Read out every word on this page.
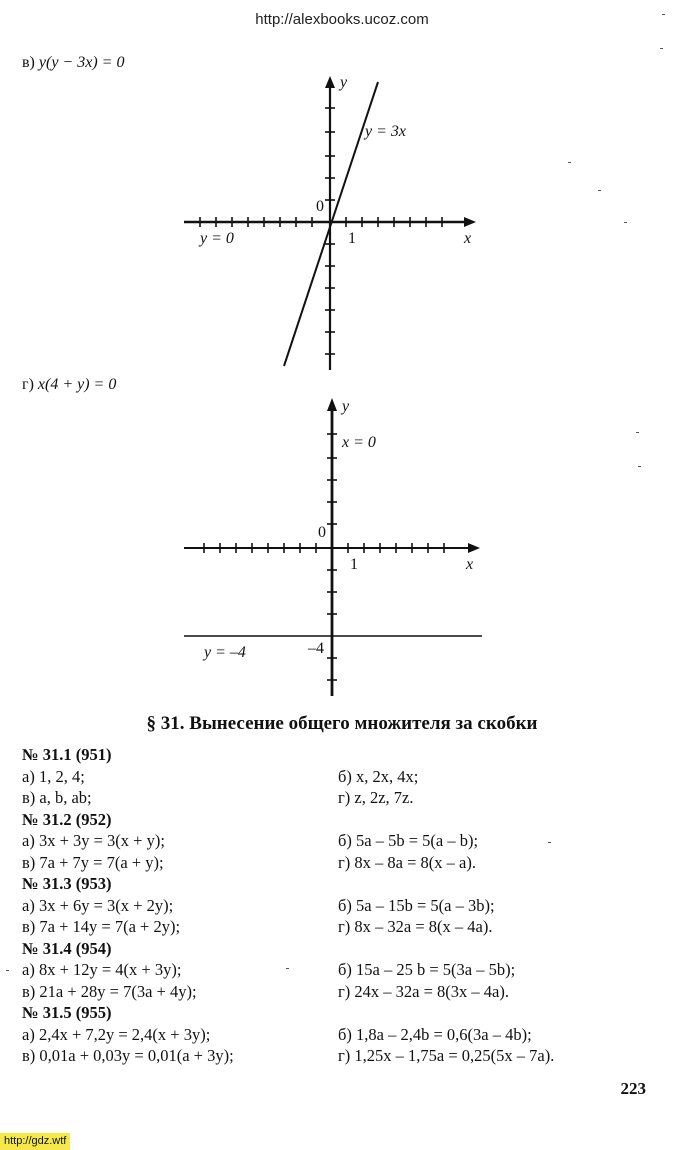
http://alexbooks.ucoz.com
в) y(y − 3x) = 0
y
x
0
1
y = 3x
y = 0
г) x(4 + y) = 0
y
x
0
1
x = 0
y = –4	–4
§ 31. Вынесение общего множителя за скобки
№ 31.1 (951)
а) 1, 2, 4;	б) x, 2x, 4x;
в) a, b, ab;	г) z, 2z, 7z.
№ 31.2 (952)
а) 3x + 3y = 3(x + y);	б) 5a – 5b = 5(a – b);
в) 7a + 7y = 7(a + y);	г) 8x – 8a = 8(x – a).
№ 31.3 (953)
а) 3x + 6y = 3(x + 2y);	б) 5a – 15b = 5(a – 3b);
в) 7a + 14y = 7(a + 2y);	г) 8x – 32a = 8(x – 4a).
№ 31.4 (954)
а) 8x + 12y = 4(x + 3y);	б) 15a – 25 b = 5(3a – 5b);
в) 21a + 28y = 7(3a + 4y);	г) 24x – 32a = 8(3x – 4a).
№ 31.5 (955)
а) 2,4x + 7,2y = 2,4(x + 3y);	б) 1,8a – 2,4b = 0,6(3a – 4b);
в) 0,01a + 0,03y = 0,01(a + 3y);	г) 1,25x – 1,75a = 0,25(5x – 7a).
223
http://gdz.wtf
